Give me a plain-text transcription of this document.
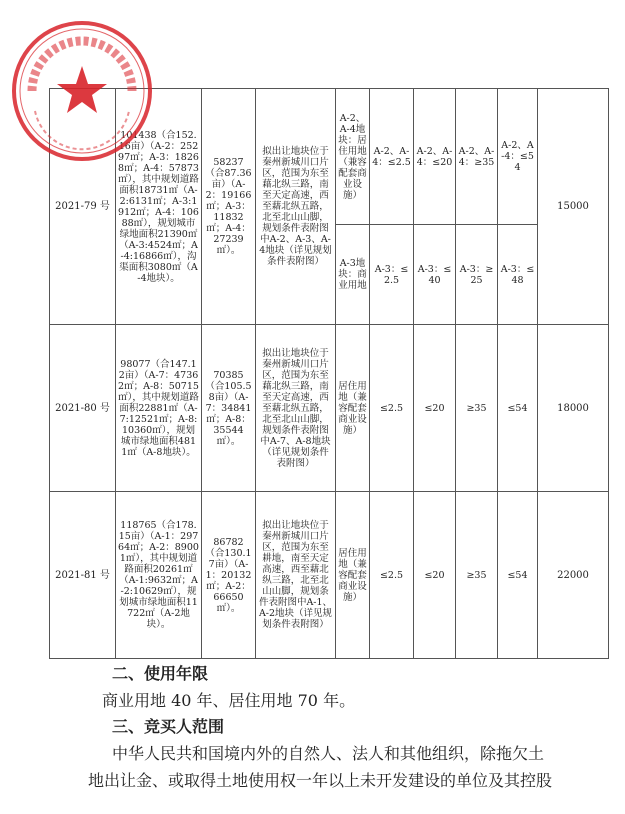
2021-79 号	101438（合152.16亩）（A-2：25297㎡；A-3：18268㎡；A-4：57873㎡），其中规划道路面积18731㎡（A-2:6131㎡；A-3:1912㎡；A-4：10688㎡），规划城市绿地面积21390㎡（A-3:4524㎡；A-4:16866㎡），沟渠面积3080㎡（A-4地块）。	58237（合87.36亩）（A-2：19166㎡；A-3：11832㎡；A-4：27239㎡）。	拟出让地块位于秦州新城川口片区，范围为东至藉北纵三路，南至天定高速，西至藉北纵五路，北至北山山脚，规划条件表附图中A-2、A-3、A-4地块（详见规划条件表附图）	A-2、A-4地块：居住用地（兼容配套商业设施）	A-2、A-4：≤2.5	A-2、A-4：≤20	A-2、A-4：≥35	A-2、A-4：≤54	15000
				A-3地块：商业用地	A-3：≤2.5	A-3：≤40	A-3：≥25	A-3：≤48	
2021-80 号	98077（合147.12亩）（A-7：47362㎡；A-8：50715㎡），其中规划道路面积22881㎡（A-7:12521㎡；A-8:10360㎡），规划城市绿地面积4811㎡（A-8地块）。	70385（合105.58亩）（A-7：34841㎡；A-8：35544㎡）。	拟出让地块位于秦州新城川口片区，范围为东至藉北纵三路，南至天定高速，西至藉北纵五路，北至北山山脚，规划条件表附图中A-7、A-8地块（详见规划条件表附图）	居住用地（兼容配套商业设施）	≤2.5	≤20	≥35	≤54	18000
2021-81 号	118765（合178.15亩）（A-1：29764㎡；A-2：89001㎡），其中规划道路面积20261㎡（A-1:9632㎡；A-2:10629㎡），规划城市绿地面积11722㎡（A-2地块）。	86782（合130.17亩）（A-1：20132㎡；A-2：66650㎡）。	拟出让地块位于秦州新城川口片区，范围为东至耕地，南至天定高速，西至藉北纵三路，北至北山山脚，规划条件表附图中A-1、A-2地块（详见规划条件表附图）	居住用地（兼容配套商业设施）	≤2.5	≤20	≥35	≤54	22000
二、使用年限
商业用地 40 年、居住用地 70 年。
三、竞买人范围
中华人民共和国境内外的自然人、法人和其他组织，除拖欠土
地出让金、或取得土地使用权一年以上未开发建设的单位及其控股
